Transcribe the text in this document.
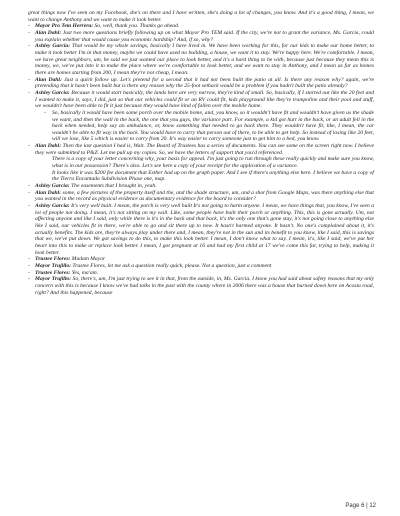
great things now I've seen on my Facebook, she's on there and I have written, she's doing a lot of changes, you know. And it's a good thing, I mean, we want to change Anthony and we want to make it look better.

- Mayor Pro Tem Herrera: So, well, thank you. Thanks go ahead.

- Alan Dahl: Just two more questions briefly following up on what Mayor Pro TEM said. If the city, we're not to grant the variance, Ms. Garcia, could you explain whether that would cause you economic hardship? And, if so, why?

- Ashley Garcia: That would be my whole savings, basically I have lived in. We have been working for this, for our kids to make our home better, to make it look better I'm in that money, maybe we could have used no building, a house, we want it to stay. We're happy here. We're comfortable. I mean, we have great neighbors, um, he said we just wanted our place to look better, and it's a hard thing to be with, because just because they mean this is money, we, we've put into it to make the place where we're comfortable to look better, and we want to stay in Anthony, and I mean as far as homes there are homes starting from 200, I mean they're not cheap, I mean.

- Alan Dahl: Just a quick follow up. Let's pretend for a second that it had not been built the patio at all. Is there any reason why? again, we're pretending that it hasn't been built but is there any reason why the 25-foot setback would be a problem if you hadn't built the patio already?

- Ashley Garcia: Because it would start basically, the lands here are very narrow, they're kind of small. So, basically, if I started out like the 20 feet and I wanted to make it, says, I did, just so that our vehicles could fit or an RV could fit, kids playground like they're trampoline and their pool and stuff, we wouldn't have been able to fit it just because they would have kind of fallen over the mobile home.

- So, basically it would have been some porch over the mobile home, and, you know, so it wouldn't have fit and wouldn't have given us the shade we want, and then the wall in the back, the one that you guys, the variance part. For example, a kid got hurt in the back, or an adult fell in the back when needed, help say an ambulance, or, know something that needed to go back there. They wouldn't have fit, like, I mean, the car wouldn't be able to fit way in the back. You would have to carry that person out of there, to be able to get help. So instead of losing like 20 feet, will we lose, like 5 which is easier to carry from 20. It's way easier to carry someone just to get him to a bed, you know.

- Alan Dahl: Then the last question I had is, Wait. The Board of Trustees has a series of documents. You can see some on the screen right now. I believe they were submitted to P&Z. Let me pull up my copies. So, we have the letters of support that you'd referenced.

There is a copy of your letter concerning why, your basis for appeal. I'm just going to run through these really quickly and make sure you know, what is in our possession? There's also. Let's see here a copy of your receipt for the application of a variance.

It looks like it was $200 fee document that Esther had up on the graph paper. And I see if there's anything else here. I believe we have a copy of the Tierra Encantada Subdivision Phase one, map.

- Ashley Garcia: The easements that I brought in, yeah.

- Alan Dahl: some, a few pictures of the property itself and the, and the shade structure, um, and a shot from Google Maps, was there anything else that you wanted in the record as physical evidence as documentary evidence for the board to consider?

- Ashley Garcia: It's very well built. I mean, the porch is very well built It's not going to harm anyone. I mean, we have things that, you know, I've seen a lot of people not doing. I mean, it's not sitting on my wall. Like, some people have built their porch or anything. This, this is gone actually. Um, not affecting anyone and like I said, only while there is it's in the back and that back, it's the only one that's gone stay, it's not going close to anything else like I said, our vehicles fit in there, we're able to go and sit there up to now. It hasn't harmed anyone. It hasn't. No one's complained about it, it's actually benefits. The kids are, they're always play under there and, I mean, they're not in the sun and its benefit to you know, like I said, this is savings that we, we've put down. We got savings to do this, to make this look better. I mean, I don't know what to say. I mean, it's, like I said, we've put her heart into this to make or replace look better. I mean, I got pregnant at 16 and had my first child at 17 we've come this far, trying to help, making it look better.

- Trustee Flores: Madam Mayor

- Mayor Trujillo: Trustee Flores, let me ask a question really quick, please. Not a question, just a comment

- Trustee Flores: Yes, ma'am.

- Mayor Trujillo: So, there's, um, I'm just trying to see it in that, from the outside, in, Ms. Garcia. I know you had said about safety reasons that my only concern with this is because I know we've had talks in the past with the county where in 2006 there was a house that burned down here on Acosta road, right? And this happened, because

Page 6 | 12
